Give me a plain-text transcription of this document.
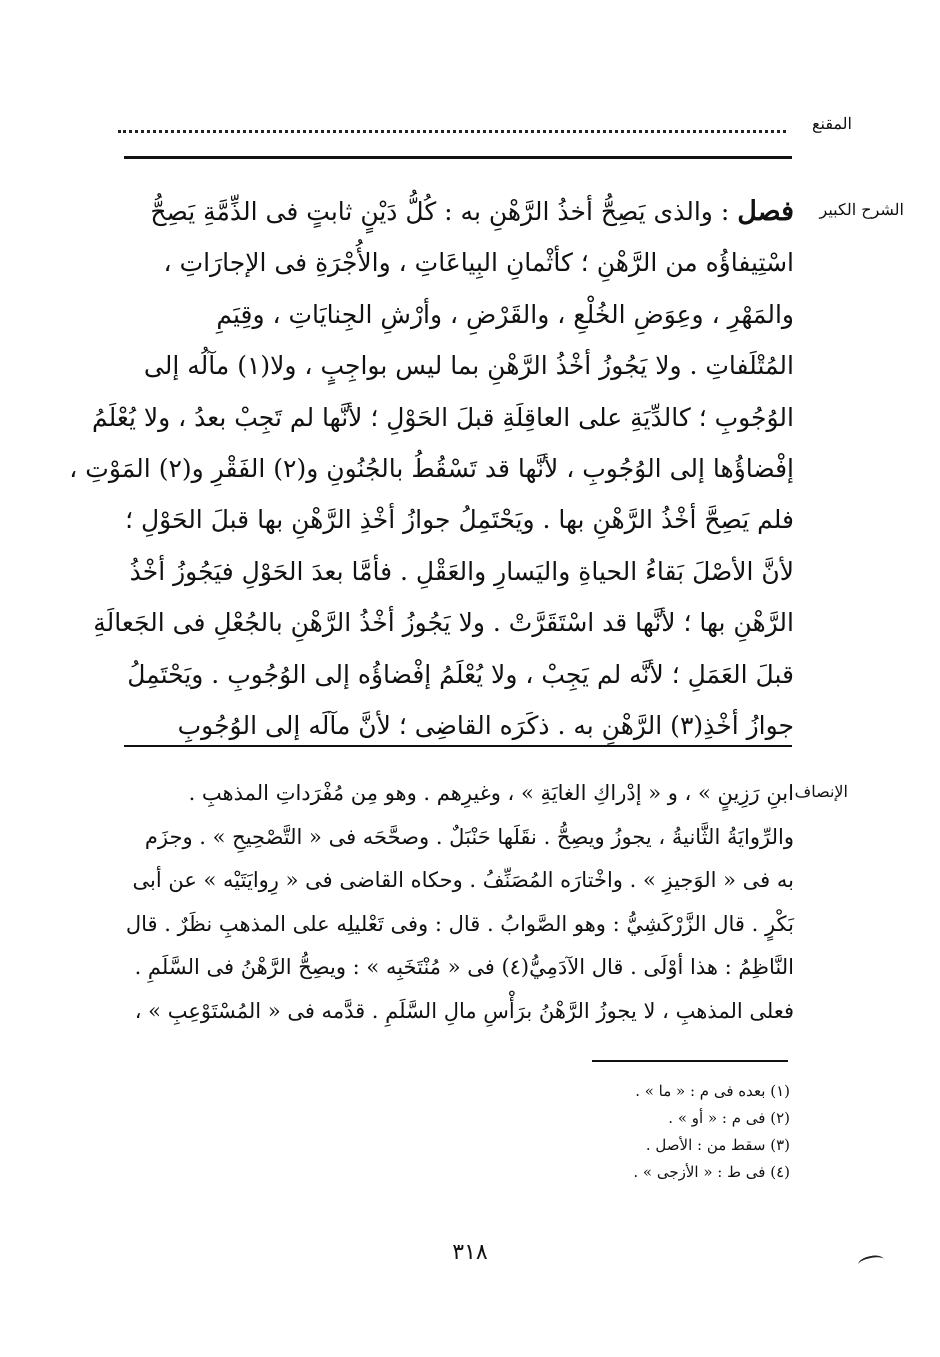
المقنع
الشرح الكبير
فصل : والذى يَصِحُّ أخذُ الرَّهْنِ به : كُلُّ دَيْنٍ ثابتٍ فى الذِّمَّةِ يَصِحُّ
اسْتِيفاؤُه من الرَّهْنِ ؛ كأثْمانِ البِياعَاتِ ، والأُجْرَةِ فى الإجارَاتِ ،
والمَهْرِ ، وعِوَضِ الخُلْعِ ، والقَرْضِ ، وأرْشِ الجِنايَاتِ ، وقِيَمِ
المُتْلَفاتِ . ولا يَجُوزُ أخْذُ الرَّهْنِ بما ليس بواجِبٍ ، ولا(١) مآلُه إلى
الوُجُوبِ ؛ كالدِّيَةِ على العاقِلَةِ قبلَ الحَوْلِ ؛ لأنَّها لم تَجِبْ بعدُ ، ولا يُعْلَمُ
إفْضاؤُها إلى الوُجُوبِ ، لأنَّها قد تَسْقُطُ بالجُنُونِ و(٢) الفَقْرِ و(٢) المَوْتِ ،
فلم يَصِحَّ أخْذُ الرَّهْنِ بها . ويَحْتَمِلُ جوازُ أخْذِ الرَّهْنِ بها قبلَ الحَوْلِ ؛
لأنَّ الأصْلَ بَقاءُ الحياةِ واليَسارِ والعَقْلِ . فأمَّا بعدَ الحَوْلِ فيَجُوزُ أخْذُ
الرَّهْنِ بها ؛ لأنَّها قد اسْتَقَرَّتْ . ولا يَجُوزُ أخْذُ الرَّهْنِ بالجُعْلِ فى الجَعالَةِ
قبلَ العَمَلِ ؛ لأنَّه لم يَجِبْ ، ولا يُعْلَمُ إفْضاؤُه إلى الوُجُوبِ . ويَحْتَمِلُ
جوازُ أخْذِ(٣) الرَّهْنِ به . ذكَرَه القاضِى ؛ لأنَّ مآلَه إلى الوُجُوبِ
الإنصاف
ابنِ رَزِينٍ » ، و « إدْراكِ الغايَةِ » ، وغيرِهم . وهو مِن مُفْرَداتِ المذهبِ .
والرِّوايَةُ الثَّانيةُ ، يجوزُ ويصِحُّ . نقَلَها حَنْبَلٌ . وصحَّحَه فى « التَّصْحِيحِ » . وجزَم
به فى « الوَجيزِ » . واخْتارَه المُصَنِّفُ . وحكاه القاضى فى « رِوايَتَيْه » عن أبى
بَكْرٍ . قال الزَّرْكَشِيُّ : وهو الصَّوابُ . قال : وفى تَعْليلِه على المذهبِ نظَرٌ . قال
النَّاظِمُ : هذا أوْلَى . قال الآدَمِيُّ(٤) فى « مُنْتَخَبِه » : ويصِحُّ الرَّهْنُ فى السَّلَمِ .
فعلى المذهبِ ، لا يجوزُ الرَّهْنُ برَأْسِ مالِ السَّلَمِ . قدَّمه فى « المُسْتَوْعِبِ » ،
(١) بعده فى م : « ما » .
(٢) فى م : « أو » .
(٣) سقط من : الأصل .
(٤) فى ط : « الأزجى » .
٣١٨
